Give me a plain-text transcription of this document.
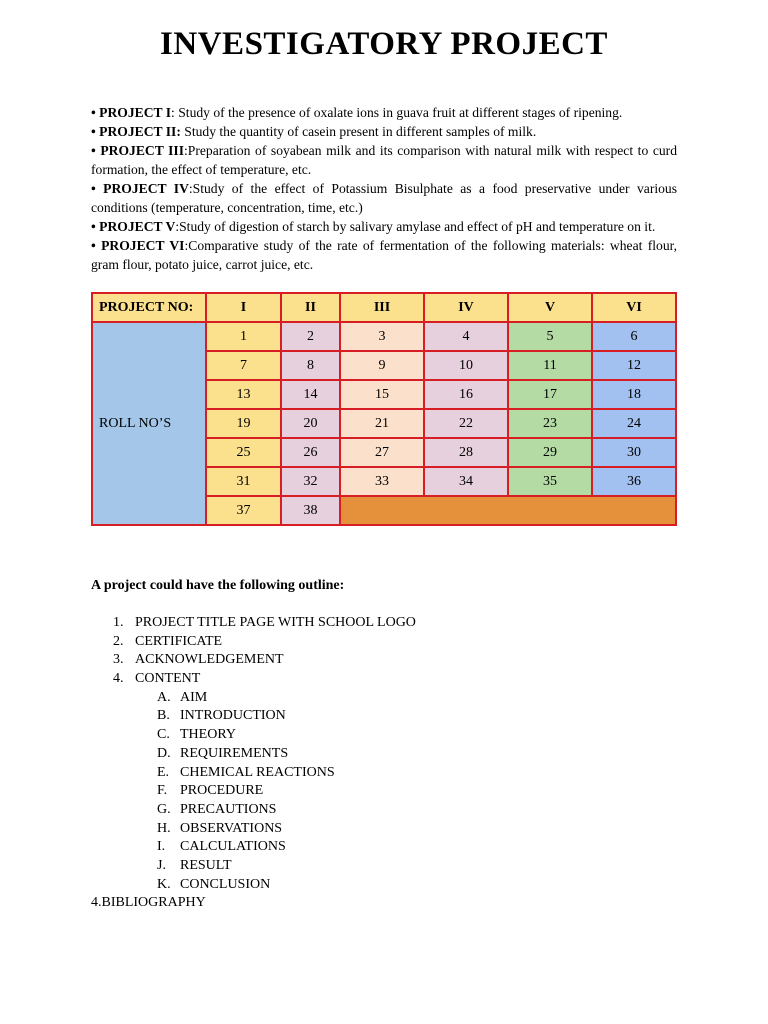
INVESTIGATORY PROJECT

• PROJECT I: Study of the presence of oxalate ions in guava fruit at different stages of ripening.

• PROJECT II: Study the quantity of casein present in different samples of milk.

• PROJECT III:Preparation of soyabean milk and its comparison with natural milk with respect to curd formation, the effect of temperature, etc.

• PROJECT IV:Study of the effect of Potassium Bisulphate as a food preservative under various conditions (temperature, concentration, time, etc.)

• PROJECT V:Study of digestion of starch by salivary amylase and effect of pH and temperature on it.

• PROJECT VI:Comparative study of the rate of fermentation of the following materials: wheat flour, gram flour, potato juice, carrot juice, etc.

PROJECT NO:	I	II	III	IV	V	VI
ROLL NO’S	1	2	3	4	5	6
	7	8	9	10	11	12
	13	14	15	16	17	18
	19	20	21	22	23	24
	25	26	27	28	29	30
	31	32	33	34	35	36
	37	38				
A project could have the following outline:
1. PROJECT TITLE PAGE WITH SCHOOL LOGO
2. CERTIFICATE
3. ACKNOWLEDGEMENT
4. CONTENT
A. AIM
B. INTRODUCTION
C. THEORY
D. REQUIREMENTS
E. CHEMICAL REACTIONS
F. PROCEDURE
G. PRECAUTIONS
H. OBSERVATIONS
I.	CALCULATIONS
J.	RESULT
K. CONCLUSION
4.BIBLIOGRAPHY
